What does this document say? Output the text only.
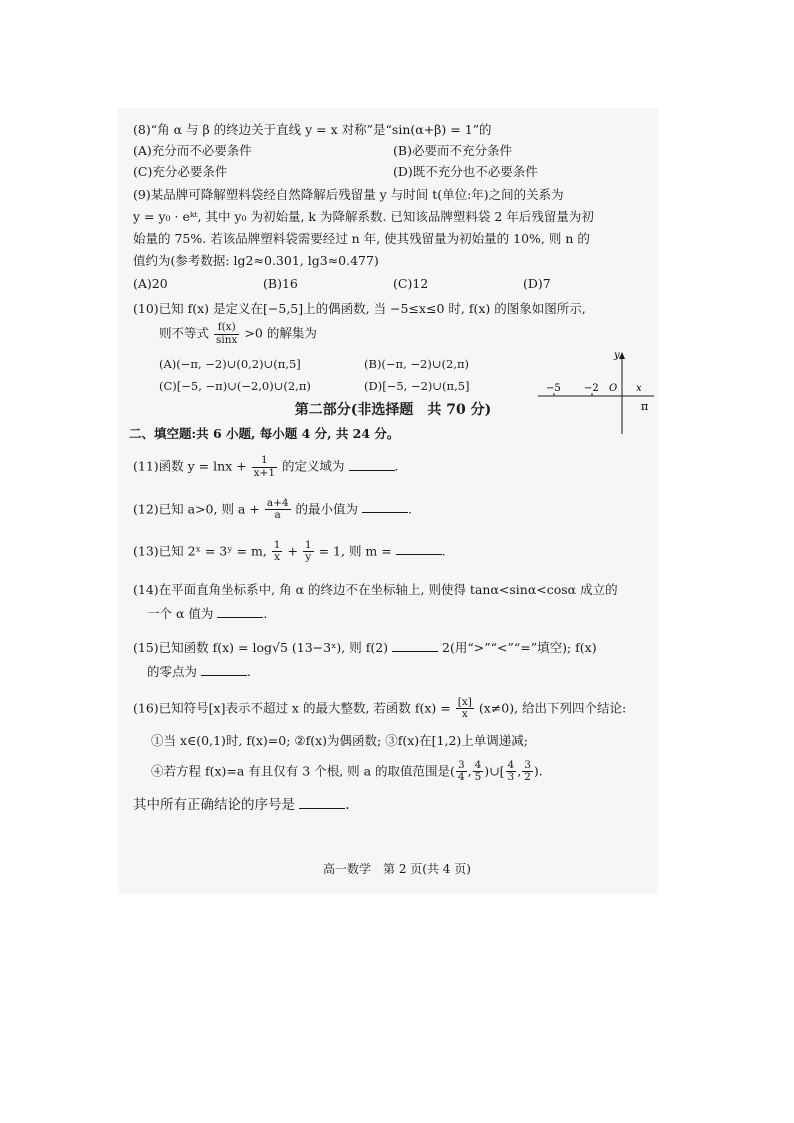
(8)“角 α 与 β 的终边关于直线 y = x 对称”是“sin(α+β) = 1”的

(A)充分而不必要条件	(B)必要而不充分条件
(C)充分必要条件	(D)既不充分也不必要条件

(9)某品牌可降解塑料袋经自然降解后残留量 y 与时间 t(单位:年)之间的关系为

y = y₀ · eᵏᵗ, 其中 y₀ 为初始量, k 为降解系数. 已知该品牌塑料袋 2 年后残留量为初

始量的 75%. 若该品牌塑料袋需要经过 n 年, 使其残留量为初始量的 10%, 则 n 的

值约为(参考数据: lg2≈0.301, lg3≈0.477)

(A)20	(B)16	(C)12	(D)7

(10)已知 f(x) 是定义在[−5,5]上的偶函数, 当 −5≤x≤0 时, f(x) 的图象如图所示,

则不等式 $\frac{f(x)}{\sin x} >0$ 的解集为

(A)(−π, −2)∪(0,2)∪(π,5]	(B)(−π, −2)∪(2,π)
(C)[−5, −π)∪(−2,0)∪(2,π)	(D)[−5, −2)∪(π,5]
第二部分(非选择题　共 70 分)
二、填空题:共 6 小题, 每小题 4 分, 共 24 分。

(11)函数 $y = \ln x + \frac{1}{x+1}$ 的定义域为	.

(12)已知 a>0, 则 $a + \frac{a+4}{a}$ 的最小值为	.

(13)已知 2ˣ = 3ʸ = m, $\frac{1}{x} + \frac{1}{y} = 1$, 则 m =	.

(14)在平面直角坐标系中, 角 α 的终边不在坐标轴上, 则使得 tanα<sinα<cosα 成立的

一个 α 值为	.

(15)已知函数 f(x) = log√5 (13−3ˣ), 则 f(2)	2(用“>”“<”“=”填空); f(x)

的零点为	.

(16)已知符号[x]表示不超过 x 的最大整数, 若函数 $f(x) = \frac{[x]}{x} (x\ne 0)$, 给出下列四个结论:

①当 x∈(0,1)时, f(x)=0; ②f(x)为偶函数; ③f(x)在[1,2)上单调递减;

④若方程 f(x)=a 有且仅有 3 个根, 则 a 的取值范围是( $\frac{3}{4}$ , $\frac{4}{5}$ )∪[ $\frac{4}{3}$ , $\frac{3}{2}$ ).

其中所有正确结论的序号是	.

y
x
O
−5 −2
π
高一数学　第 2 页(共 4 页)
